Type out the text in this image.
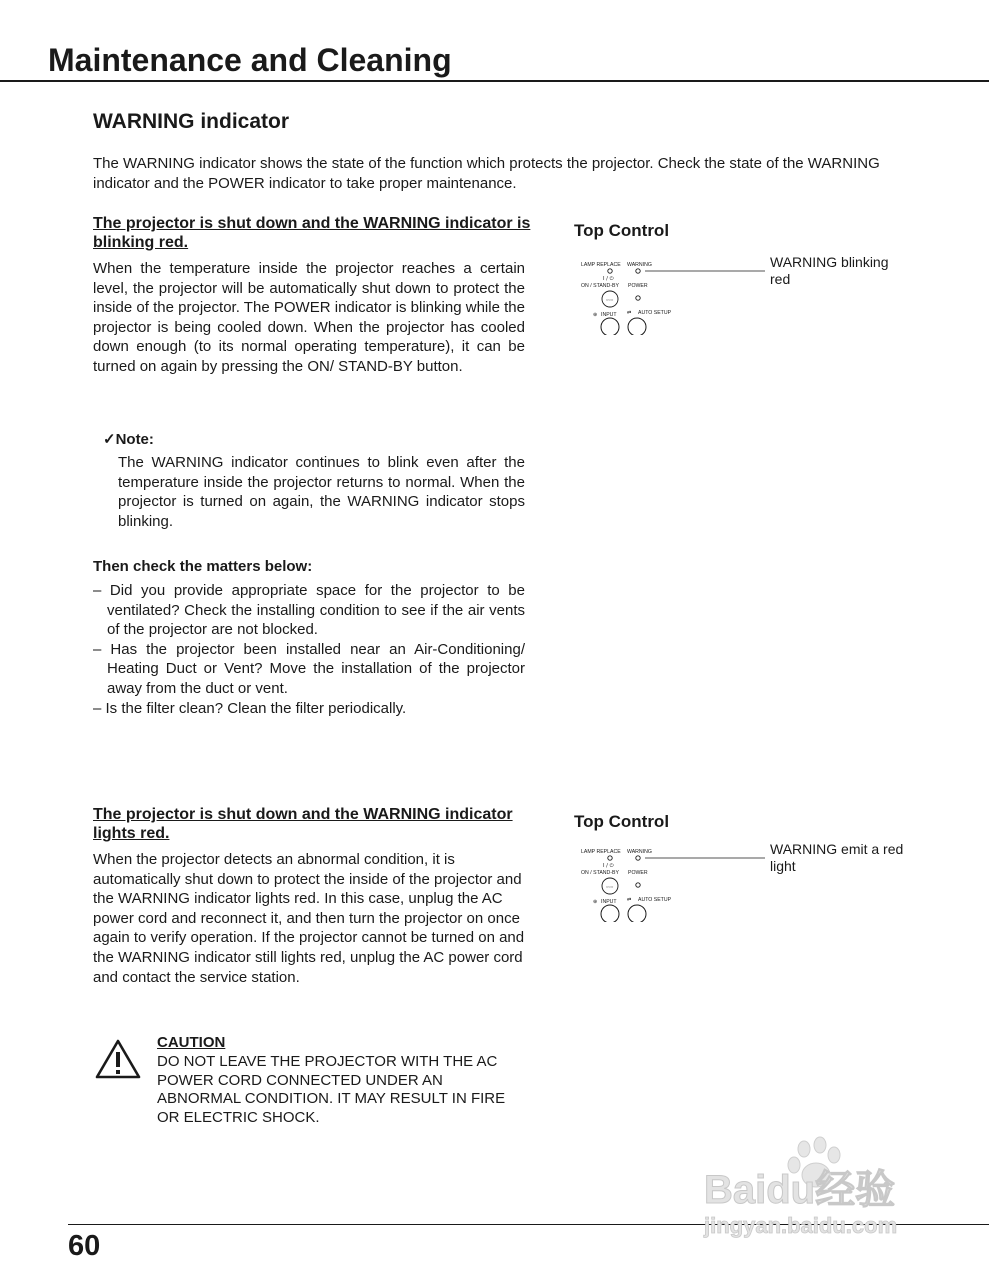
Maintenance and Cleaning
WARNING indicator

The WARNING indicator shows the state of the function which protects the projector. Check the state of the WARNING indicator and the POWER indicator to take proper maintenance.

The projector is shut down and the WARNING indicator is blinking red.

When the temperature inside the projector reaches a certain level, the projector will be automatically shut down to protect the inside of the projector. The POWER indicator is blinking while the projector is being cooled down. When the projector has cooled down enough (to its normal operating temperature), it can be turned on again by pressing the ON/ STAND-BY button.

✓Note:

The WARNING indicator continues to blink even after the temperature inside the projector returns to normal. When the projector is turned on again, the WARNING indicator stops blinking.

Then check the matters below:

– Did you provide appropriate space for the projector to be ventilated? Check the installing condition to see if the air vents of the projector are not blocked.
– Has the projector been installed near an Air-Conditioning/ Heating Duct or Vent? Move the installation of the projector away from the duct or vent.
– Is the filter clean? Clean the filter periodically.

Top Control

LAMP REPLACE WARNING
I / ⏻
ON / STAND-BY POWER
○○○
⊕ INPUT ⇄ AUTO SETUP

WARNING blinking red

The projector is shut down and the WARNING indicator lights red.

When the projector detects an abnormal condition, it is automatically shut down to protect the inside of the projector and the WARNING indicator lights red. In this case, unplug the AC power cord and reconnect it, and then turn the projector on once again to verify operation. If the projector cannot be turned on and the WARNING indicator still lights red, unplug the AC power cord and contact the service station.

Top Control

LAMP REPLACE WARNING
I / ⏻
ON / STAND-BY POWER
○○○
⊕ INPUT ⇄ AUTO SETUP

WARNING emit a red light

CAUTION

DO NOT LEAVE THE PROJECTOR WITH THE AC POWER CORD CONNECTED UNDER AN ABNORMAL CONDITION. IT MAY RESULT IN FIRE OR ELECTRIC SHOCK.

60

Baidu经验
jingyan.baidu.com
